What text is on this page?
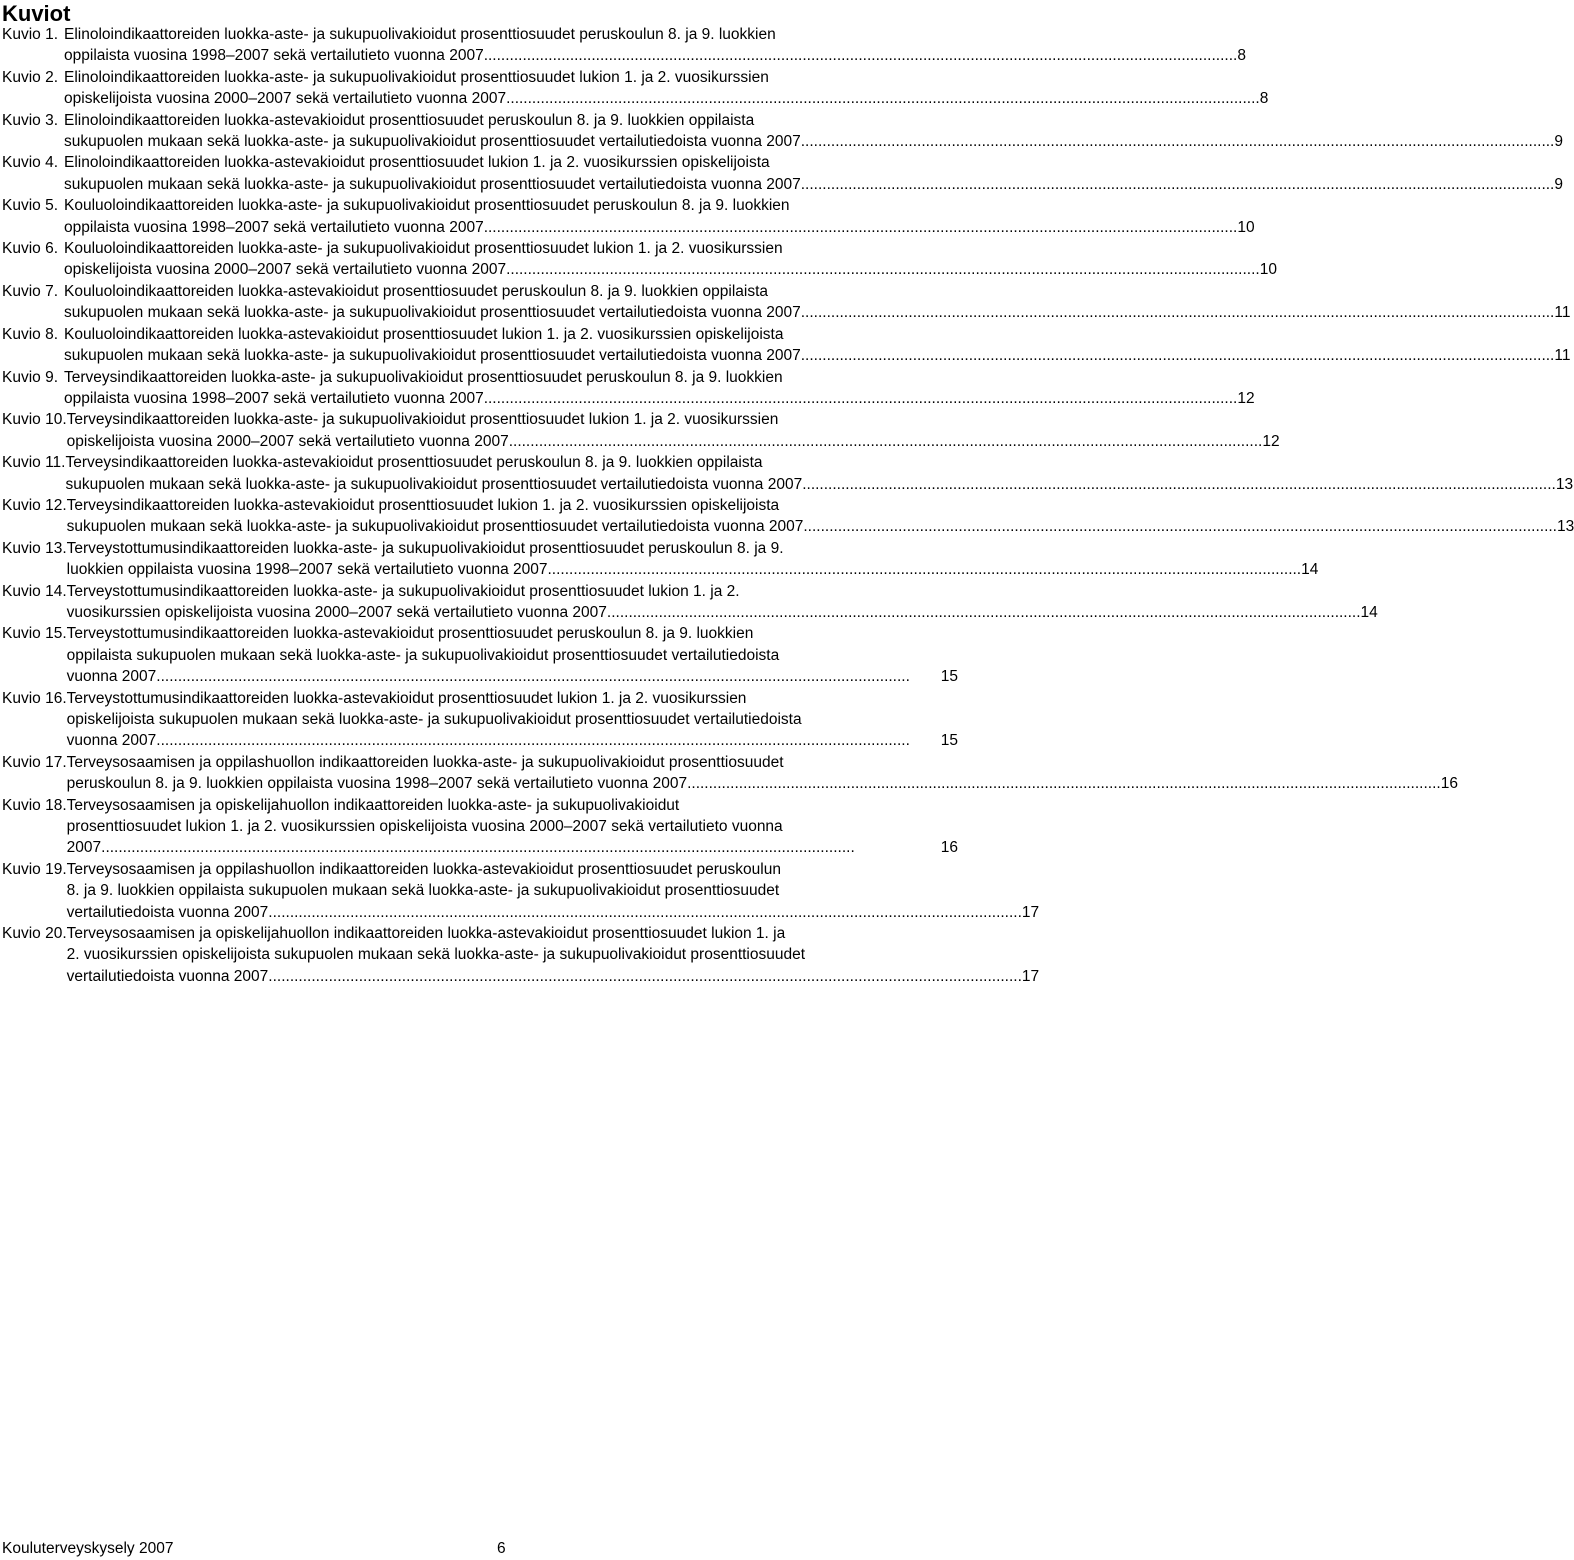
Kuviot
Kuvio 1. Elinoloindikaattoreiden luokka-aste- ja sukupuolivakioidut prosenttiosuudet peruskoulun 8. ja 9. luokkien
oppilaista vuosina 1998–2007 sekä vertailutieto vuonna 2007. .....	8
Kuvio 2. Elinoloindikaattoreiden luokka-aste- ja sukupuolivakioidut prosenttiosuudet lukion 1. ja 2. vuosikurssien
opiskelijoista vuosina 2000–2007 sekä vertailutieto vuonna 2007. .....	8
Kuvio 3. Elinoloindikaattoreiden luokka-astevakioidut prosenttiosuudet peruskoulun 8. ja 9. luokkien oppilaista
sukupuolen mukaan sekä luokka-aste- ja sukupuolivakioidut prosenttiosuudet vertailutiedoista vuonna 2007. .....	9
Kuvio 4. Elinoloindikaattoreiden luokka-astevakioidut prosenttiosuudet lukion 1. ja 2. vuosikurssien opiskelijoista
sukupuolen mukaan sekä luokka-aste- ja sukupuolivakioidut prosenttiosuudet vertailutiedoista vuonna 2007. .....	9
Kuvio 5. Kouluoloindikaattoreiden luokka-aste- ja sukupuolivakioidut prosenttiosuudet peruskoulun 8. ja 9. luokkien
oppilaista vuosina 1998–2007 sekä vertailutieto vuonna 2007. .....	10
Kuvio 6. Kouluoloindikaattoreiden luokka-aste- ja sukupuolivakioidut prosenttiosuudet lukion 1. ja 2. vuosikurssien
opiskelijoista vuosina 2000–2007 sekä vertailutieto vuonna 2007. .....	10
Kuvio 7. Kouluoloindikaattoreiden luokka-astevakioidut prosenttiosuudet peruskoulun 8. ja 9. luokkien oppilaista
sukupuolen mukaan sekä luokka-aste- ja sukupuolivakioidut prosenttiosuudet vertailutiedoista vuonna 2007. .....	11
Kuvio 8. Kouluoloindikaattoreiden luokka-astevakioidut prosenttiosuudet lukion 1. ja 2. vuosikurssien opiskelijoista
sukupuolen mukaan sekä luokka-aste- ja sukupuolivakioidut prosenttiosuudet vertailutiedoista vuonna 2007. .....	11
Kuvio 9. Terveysindikaattoreiden luokka-aste- ja sukupuolivakioidut prosenttiosuudet peruskoulun 8. ja 9. luokkien
oppilaista vuosina 1998–2007 sekä vertailutieto vuonna 2007. .....	12
Kuvio 10. Terveysindikaattoreiden luokka-aste- ja sukupuolivakioidut prosenttiosuudet lukion 1. ja 2. vuosikurssien
opiskelijoista vuosina 2000–2007 sekä vertailutieto vuonna 2007. .....	12
Kuvio 11. Terveysindikaattoreiden luokka-astevakioidut prosenttiosuudet peruskoulun 8. ja 9. luokkien oppilaista
sukupuolen mukaan sekä luokka-aste- ja sukupuolivakioidut prosenttiosuudet vertailutiedoista vuonna 2007. .....	13
Kuvio 12. Terveysindikaattoreiden luokka-astevakioidut prosenttiosuudet lukion 1. ja 2. vuosikurssien opiskelijoista
sukupuolen mukaan sekä luokka-aste- ja sukupuolivakioidut prosenttiosuudet vertailutiedoista vuonna 2007. .....	13
Kuvio 13. Terveystottumusindikaattoreiden luokka-aste- ja sukupuolivakioidut prosenttiosuudet peruskoulun 8. ja 9.
luokkien oppilaista vuosina 1998–2007 sekä vertailutieto vuonna 2007. .....	14
Kuvio 14. Terveystottumusindikaattoreiden luokka-aste- ja sukupuolivakioidut prosenttiosuudet lukion 1. ja 2.
vuosikurssien opiskelijoista vuosina 2000–2007 sekä vertailutieto vuonna 2007. .....	14
Kuvio 15. Terveystottumusindikaattoreiden luokka-astevakioidut prosenttiosuudet peruskoulun 8. ja 9. luokkien
oppilaista sukupuolen mukaan sekä luokka-aste- ja sukupuolivakioidut prosenttiosuudet vertailutiedoista
vuonna 2007. .....	15
Kuvio 16. Terveystottumusindikaattoreiden luokka-astevakioidut prosenttiosuudet lukion 1. ja 2. vuosikurssien
opiskelijoista sukupuolen mukaan sekä luokka-aste- ja sukupuolivakioidut prosenttiosuudet vertailutiedoista
vuonna 2007. .....	15
Kuvio 17. Terveysosaamisen ja oppilashuollon indikaattoreiden luokka-aste- ja sukupuolivakioidut prosenttiosuudet
peruskoulun 8. ja 9. luokkien oppilaista vuosina 1998–2007 sekä vertailutieto vuonna 2007. .....	16
Kuvio 18. Terveysosaamisen ja opiskelijahuollon indikaattoreiden luokka-aste- ja sukupuolivakioidut
prosenttiosuudet lukion 1. ja 2. vuosikurssien opiskelijoista vuosina 2000–2007 sekä vertailutieto vuonna
2007. .....	16
Kuvio 19. Terveysosaamisen ja oppilashuollon indikaattoreiden luokka-astevakioidut prosenttiosuudet peruskoulun
8. ja 9. luokkien oppilaista sukupuolen mukaan sekä luokka-aste- ja sukupuolivakioidut prosenttiosuudet
vertailutiedoista vuonna 2007. .....	17
Kuvio 20. Terveysosaamisen ja opiskelijahuollon indikaattoreiden luokka-astevakioidut prosenttiosuudet lukion 1. ja
2. vuosikurssien opiskelijoista sukupuolen mukaan sekä luokka-aste- ja sukupuolivakioidut prosenttiosuudet
vertailutiedoista vuonna 2007. .....	17
Kouluterveyskysely 2007	6
